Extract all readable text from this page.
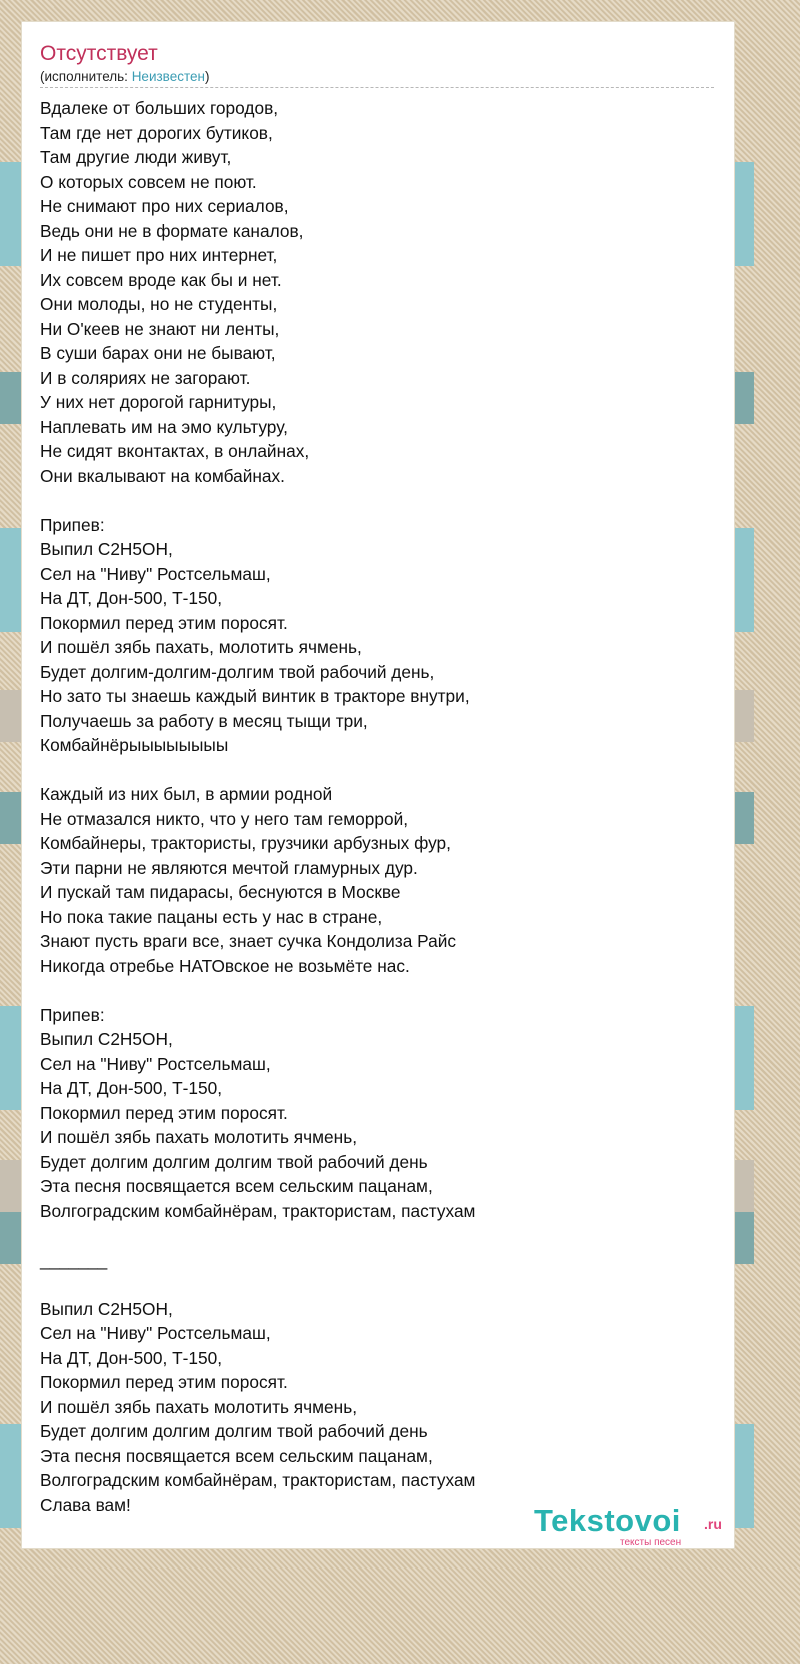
Отсутствует
(исполнитель: Неизвестен)
Вдалеке от больших городов,
Там где нет дорогих бутиков,
Там другие люди живут,
О которых совсем не поют.
Не снимают про них сериалов,
Ведь они не в формате каналов,
И не пишет про них интернет,
Их совсем вроде как бы и нет.
Они молоды, но не студенты,
Ни О'кеев не знают ни ленты,
В суши барах они не бывают,
И в соляриях не загорают.
У них нет дорогой гарнитуры,
Наплевать им на эмо культуру,
Не сидят вконтактах, в онлайнах,
Они вкалывают на комбайнах.

Припев:
Выпил C2H5OH,
Сел на "Ниву" Ростсельмаш,
На ДТ, Дон-500, Т-150,
Покормил перед этим поросят.
И пошёл зябь пахать, молотить ячмень,
Будет долгим-долгим-долгим твой рабочий день,
Но зато ты знаешь каждый винтик в тракторе внутри,
Получаешь за работу в месяц тыщи три,
Комбайнёрыыыыыыыы

Каждый из них был, в армии родной
Не отмазался никто, что у него там геморрой,
Комбайнеры, трактористы, грузчики арбузных фур,
Эти парни не являются мечтой гламурных дур.
И пускай там пидарасы, беснуются в Москве
Но пока такие пацаны есть у нас в стране,
Знают пусть враги все, знает сучка Кондолиза Райс
Никогда отребье НАТОвское не возьмёте нас.

Припев:
Выпил C2H5OH,
Сел на "Ниву" Ростсельмаш,
На ДТ, Дон-500, Т-150,
Покормил перед этим поросят.
И пошёл зябь пахать молотить ячмень,
Будет долгим долгим долгим твой рабочий день
Эта песня посвящается всем сельским пацанам,
Волгоградским комбайнёрам, трактористам, пастухам

_______

Выпил C2H5OH,
Сел на "Ниву" Ростсельмаш,
На ДТ, Дон-500, Т-150,
Покормил перед этим поросят.
И пошёл зябь пахать молотить ячмень,
Будет долгим долгим долгим твой рабочий день
Эта песня посвящается всем сельским пацанам,
Волгоградским комбайнёрам, трактористам, пастухам
Слава вам!	Tekstovoi .ru
тексты песен
